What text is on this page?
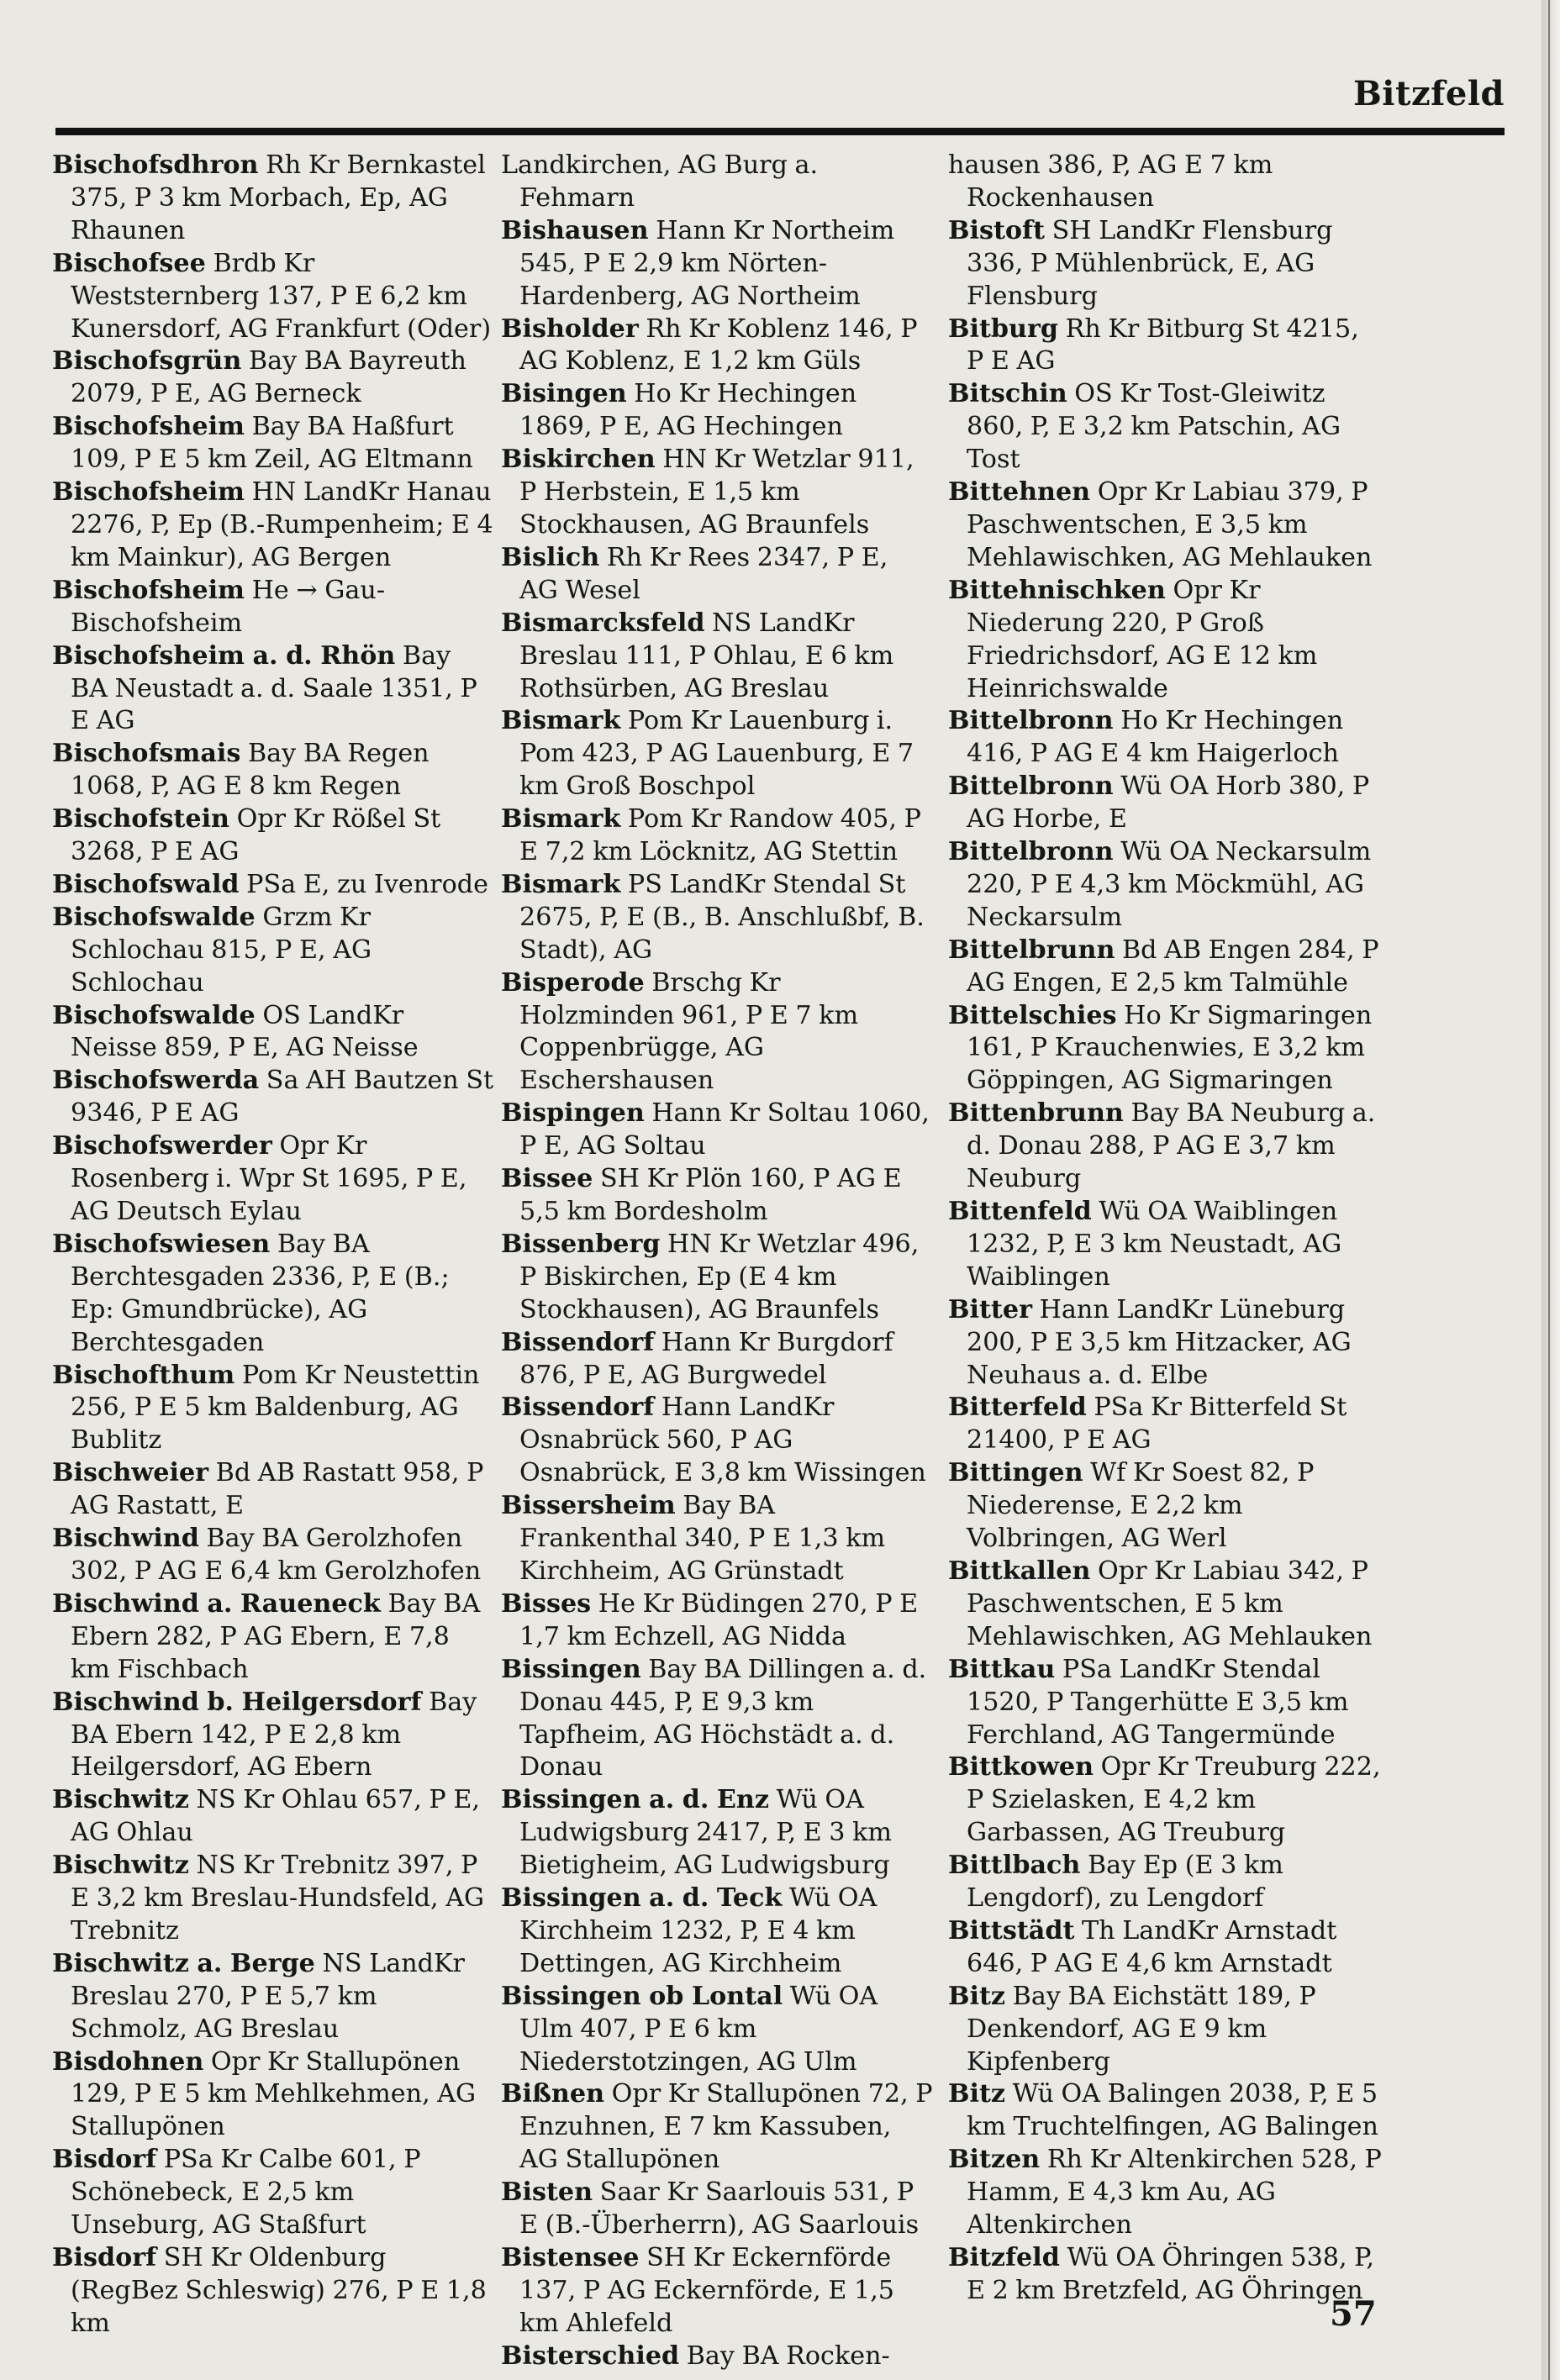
Bitzfeld
Bischofsdhron Rh Kr Bernkastel 375, P 3 km Morbach, Ep, AG Rhaunen
Bischofsee Brdb Kr Weststernberg 137, P E 6,2 km Kunersdorf, AG Frankfurt (Oder)
Bischofsgrün Bay BA Bayreuth 2079, P E, AG Berneck
Bischofsheim Bay BA Haßfurt 109, P E 5 km Zeil, AG Eltmann
Bischofsheim HN LandKr Hanau 2276, P, Ep (B.-Rumpenheim; E 4 km Mainkur), AG Bergen
Bischofsheim He → Gau-Bischofsheim
Bischofsheim a. d. Rhön Bay BA Neustadt a. d. Saale 1351, P E AG
Bischofsmais Bay BA Regen 1068, P, AG E 8 km Regen
Bischofstein Opr Kr Rößel St 3268, P E AG
Bischofswald PSa E, zu Ivenrode
Bischofswalde Grzm Kr Schlochau 815, P E, AG Schlochau
Bischofswalde OS LandKr Neisse 859, P E, AG Neisse
Bischofswerda Sa AH Bautzen St 9346, P E AG
Bischofswerder Opr Kr Rosenberg i. Wpr St 1695, P E, AG Deutsch Eylau
Bischofswiesen Bay BA Berchtesgaden 2336, P, E (B.; Ep: Gmundbrücke), AG Berchtesgaden
Bischofthum Pom Kr Neustettin 256, P E 5 km Baldenburg, AG Bublitz
Bischweier Bd AB Rastatt 958, P AG Rastatt, E
Bischwind Bay BA Gerolzhofen 302, P AG E 6,4 km Gerolzhofen
Bischwind a. Raueneck Bay BA Ebern 282, P AG Ebern, E 7,8 km Fischbach
Bischwind b. Heilgersdorf Bay BA Ebern 142, P E 2,8 km Heilgersdorf, AG Ebern
Bischwitz NS Kr Ohlau 657, P E, AG Ohlau
Bischwitz NS Kr Trebnitz 397, P E 3,2 km Breslau-Hundsfeld, AG Trebnitz
Bischwitz a. Berge NS LandKr Breslau 270, P E 5,7 km Schmolz, AG Breslau
Bisdohnen Opr Kr Stallupönen 129, P E 5 km Mehlkehmen, AG Stallupönen
Bisdorf PSa Kr Calbe 601, P Schönebeck, E 2,5 km Unseburg, AG Staßfurt
Bisdorf SH Kr Oldenburg (RegBez Schleswig) 276, P E 1,8 km
Landkirchen, AG Burg a. Fehmarn
Bishausen Hann Kr Northeim 545, P E 2,9 km Nörten-Hardenberg, AG Northeim
Bisholder Rh Kr Koblenz 146, P AG Koblenz, E 1,2 km Güls
Bisingen Ho Kr Hechingen 1869, P E, AG Hechingen
Biskirchen HN Kr Wetzlar 911, P Herbstein, E 1,5 km Stockhausen, AG Braunfels
Bislich Rh Kr Rees 2347, P E, AG Wesel
Bismarcksfeld NS LandKr Breslau 111, P Ohlau, E 6 km Rothsürben, AG Breslau
Bismark Pom Kr Lauenburg i. Pom 423, P AG Lauenburg, E 7 km Groß Boschpol
Bismark Pom Kr Randow 405, P E 7,2 km Löcknitz, AG Stettin
Bismark PS LandKr Stendal St 2675, P, E (B., B. Anschlußbf, B. Stadt), AG
Bisperode Brschg Kr Holzminden 961, P E 7 km Coppenbrügge, AG Eschershausen
Bispingen Hann Kr Soltau 1060, P E, AG Soltau
Bissee SH Kr Plön 160, P AG E 5,5 km Bordesholm
Bissenberg HN Kr Wetzlar 496, P Biskirchen, Ep (E 4 km Stockhausen), AG Braunfels
Bissendorf Hann Kr Burgdorf 876, P E, AG Burgwedel
Bissendorf Hann LandKr Osnabrück 560, P AG Osnabrück, E 3,8 km Wissingen
Bissersheim Bay BA Frankenthal 340, P E 1,3 km Kirchheim, AG Grünstadt
Bisses He Kr Büdingen 270, P E 1,7 km Echzell, AG Nidda
Bissingen Bay BA Dillingen a. d. Donau 445, P, E 9,3 km Tapfheim, AG Höchstädt a. d. Donau
Bissingen a. d. Enz Wü OA Ludwigsburg 2417, P, E 3 km Bietigheim, AG Ludwigsburg
Bissingen a. d. Teck Wü OA Kirchheim 1232, P, E 4 km Dettingen, AG Kirchheim
Bissingen ob Lontal Wü OA Ulm 407, P E 6 km Niederstotzingen, AG Ulm
Bißnen Opr Kr Stallupönen 72, P Enzuhnen, E 7 km Kassuben, AG Stallupönen
Bisten Saar Kr Saarlouis 531, P E (B.-Überherrn), AG Saarlouis
Bistensee SH Kr Eckernförde 137, P AG Eckernförde, E 1,5 km Ahlefeld
Bisterschied Bay BA Rocken-
hausen 386, P, AG E 7 km Rockenhausen
Bistoft SH LandKr Flensburg 336, P Mühlenbrück, E, AG Flensburg
Bitburg Rh Kr Bitburg St 4215, P E AG
Bitschin OS Kr Tost-Gleiwitz 860, P, E 3,2 km Patschin, AG Tost
Bittehnen Opr Kr Labiau 379, P Paschwentschen, E 3,5 km Mehlawischken, AG Mehlauken
Bittehnischken Opr Kr Niederung 220, P Groß Friedrichsdorf, AG E 12 km Heinrichswalde
Bittelbronn Ho Kr Hechingen 416, P AG E 4 km Haigerloch
Bittelbronn Wü OA Horb 380, P AG Horbe, E
Bittelbronn Wü OA Neckarsulm 220, P E 4,3 km Möckmühl, AG Neckarsulm
Bittelbrunn Bd AB Engen 284, P AG Engen, E 2,5 km Talmühle
Bittelschies Ho Kr Sigmaringen 161, P Krauchenwies, E 3,2 km Göppingen, AG Sigmaringen
Bittenbrunn Bay BA Neuburg a. d. Donau 288, P AG E 3,7 km Neuburg
Bittenfeld Wü OA Waiblingen 1232, P, E 3 km Neustadt, AG Waiblingen
Bitter Hann LandKr Lüneburg 200, P E 3,5 km Hitzacker, AG Neuhaus a. d. Elbe
Bitterfeld PSa Kr Bitterfeld St 21400, P E AG
Bittingen Wf Kr Soest 82, P Niederense, E 2,2 km Volbringen, AG Werl
Bittkallen Opr Kr Labiau 342, P Paschwentschen, E 5 km Mehlawischken, AG Mehlauken
Bittkau PSa LandKr Stendal 1520, P Tangerhütte E 3,5 km Ferchland, AG Tangermünde
Bittkowen Opr Kr Treuburg 222, P Szielasken, E 4,2 km Garbassen, AG Treuburg
Bittlbach Bay Ep (E 3 km Lengdorf), zu Lengdorf
Bittstädt Th LandKr Arnstadt 646, P AG E 4,6 km Arnstadt
Bitz Bay BA Eichstätt 189, P Denkendorf, AG E 9 km Kipfenberg
Bitz Wü OA Balingen 2038, P, E 5 km Truchtelfingen, AG Balingen
Bitzen Rh Kr Altenkirchen 528, P Hamm, E 4,3 km Au, AG Altenkirchen
Bitzfeld Wü OA Öhringen 538, P, E 2 km Bretzfeld, AG Öhringen
57
